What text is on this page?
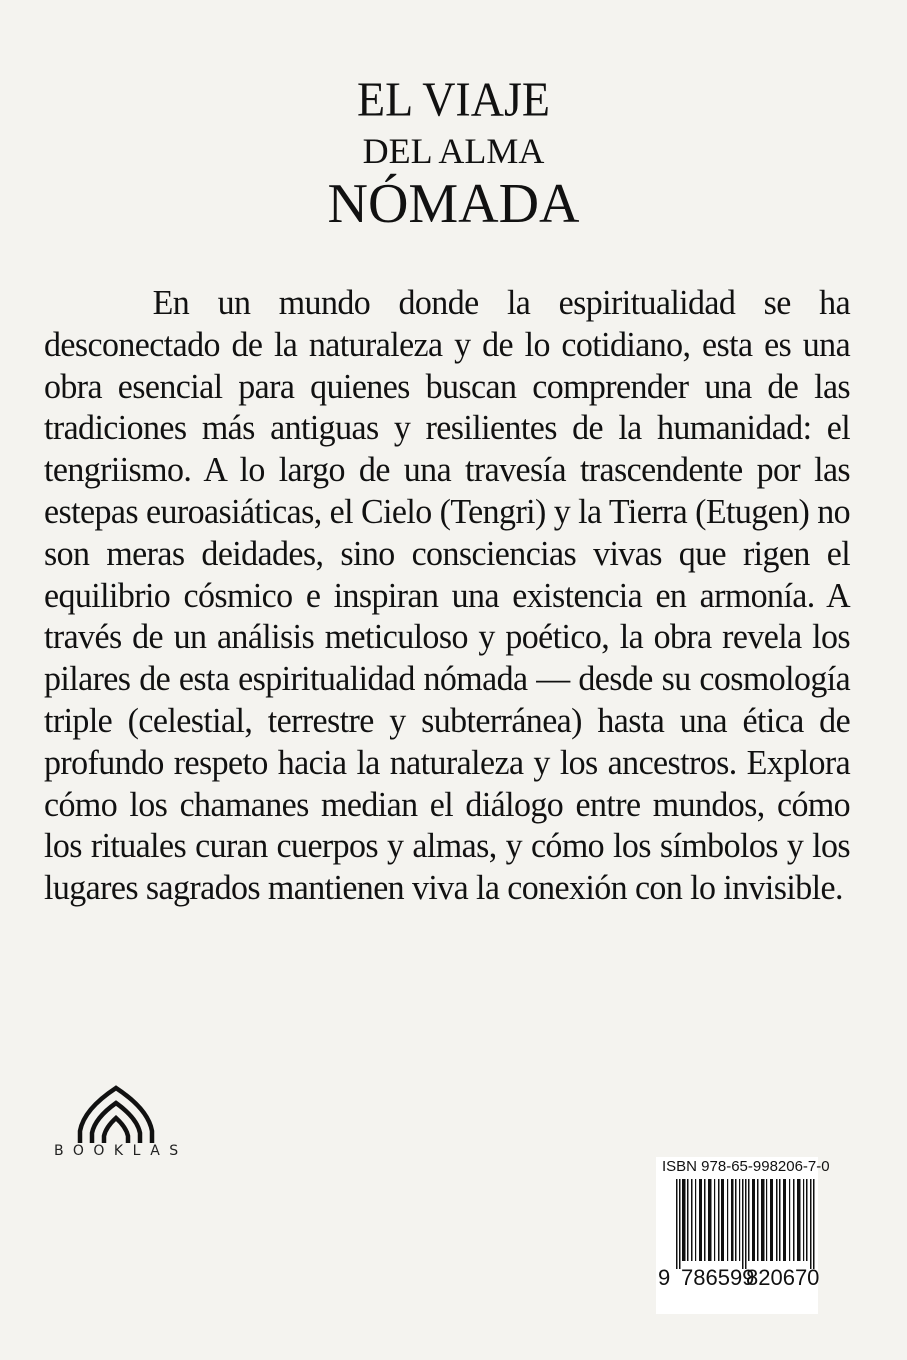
EL VIAJE
DEL ALMA
NÓMADA

En un mundo donde la espiritualidad se ha desconectado de la naturaleza y de lo cotidiano, esta es una obra esencial para quienes buscan comprender una de las tradiciones más antiguas y resilientes de la humanidad: el tengriismo. A lo largo de una travesía trascendente por las estepas euroasiáticas, el Cielo (Tengri) y la Tierra (Etugen) no son meras deidades, sino consciencias vivas que rigen el equilibrio cósmico e inspiran una existencia en armonía. A través de un análisis meticuloso y poético, la obra revela los pilares de esta espiritualidad nómada — desde su cosmología triple (celestial, terrestre y subterránea) hasta una ética de profundo respeto hacia la naturaleza y los ancestros. Explora cómo los chamanes median el diálogo entre mundos, cómo los rituales curan cuerpos y almas, y cómo los símbolos y los lugares sagrados mantienen viva la conexión con lo invisible.

BOOKLAS
ISBN 978-65-998206-7-0
9 786599
820670
